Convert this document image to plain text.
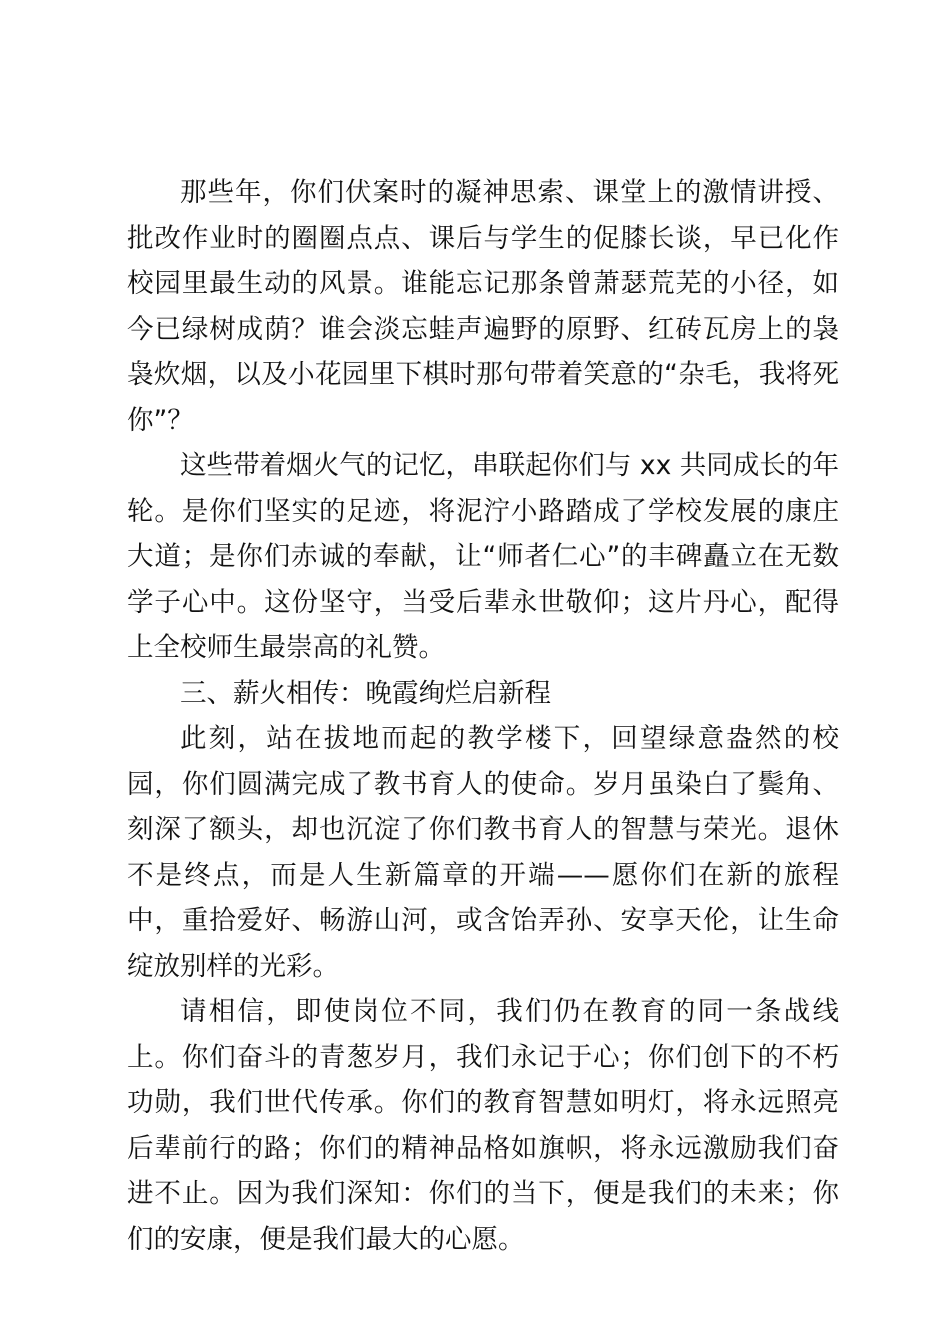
那些年，你们伏案时的凝神思索、课堂上的激情讲授、批改作业时的圈圈点点、课后与学生的促膝长谈，早已化作校园里最生动的风景。谁能忘记那条曾萧瑟荒芜的小径，如今已绿树成荫？谁会淡忘蛙声遍野的原野、红砖瓦房上的袅袅炊烟，以及小花园里下棋时那句带着笑意的“杂毛，我将死你”？

这些带着烟火气的记忆，串联起你们与 xx 共同成长的年轮。是你们坚实的足迹，将泥泞小路踏成了学校发展的康庄大道；是你们赤诚的奉献，让“师者仁心”的丰碑矗立在无数学子心中。这份坚守，当受后辈永世敬仰；这片丹心，配得上全校师生最崇高的礼赞。

三、薪火相传：晚霞绚烂启新程

此刻，站在拔地而起的教学楼下，回望绿意盎然的校园，你们圆满完成了教书育人的使命。岁月虽染白了鬓角、刻深了额头，却也沉淀了你们教书育人的智慧与荣光。退休不是终点，而是人生新篇章的开端——愿你们在新的旅程中，重拾爱好、畅游山河，或含饴弄孙、安享天伦，让生命绽放别样的光彩。

请相信，即使岗位不同，我们仍在教育的同一条战线上。你们奋斗的青葱岁月，我们永记于心；你们创下的不朽功勋，我们世代传承。你们的教育智慧如明灯，将永远照亮后辈前行的路；你们的精神品格如旗帜，将永远激励我们奋进不止。因为我们深知：你们的当下，便是我们的未来；你们的安康，便是我们最大的心愿。
